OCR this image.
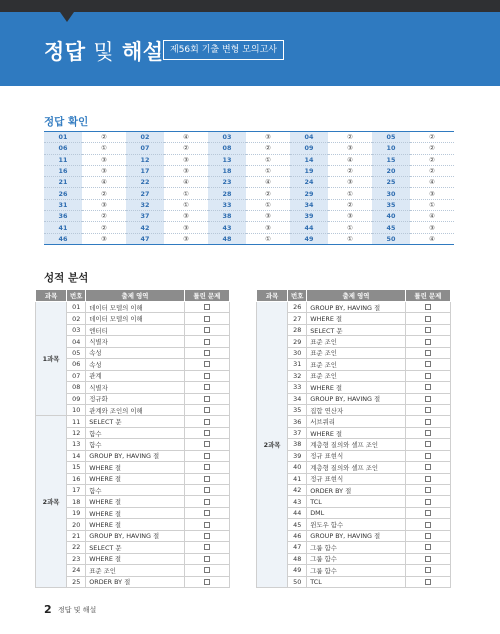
정답 및 해설 제56회 기출 변형 모의고사
정답 확인
01	②	02	④	03	③	04	②	05	②
06	①	07	②	08	②	09	③	10	②
11	③	12	③	13	①	14	④	15	②
16	③	17	③	18	①	19	②	20	②
21	④	22	④	23	④	24	③	25	④
26	②	27	①	28	②	29	①	30	③
31	③	32	①	33	①	34	②	35	①
36	②	37	③	38	③	39	③	40	④
41	②	42	③	43	③	44	①	45	③
46	③	47	③	48	①	49	①	50	④
성적 분석
과목	번호	출제 영역	틀린 문제
1과목	01	데이터 모델의 이해	
	02	데이터 모델의 이해	
	03	엔터티	
	04	식별자	
	05	속성	
	06	속성	
	07	관계	
	08	식별자	
	09	정규화	
	10	관계와 조인의 이해	
2과목	11	SELECT 문	
	12	함수	
	13	함수	
	14	GROUP BY, HAVING 절	
	15	WHERE 절	
	16	WHERE 절	
	17	함수	
	18	WHERE 절	
	19	WHERE 절	
	20	WHERE 절	
	21	GROUP BY, HAVING 절	
	22	SELECT 문	
	23	WHERE 절	
	24	표준 조인	
	25	ORDER BY 절	
과목	번호	출제 영역	틀린 문제
2과목	26	GROUP BY, HAVING 절	
	27	WHERE 절	
	28	SELECT 문	
	29	표준 조인	
	30	표준 조인	
	31	표준 조인	
	32	표준 조인	
	33	WHERE 절	
	34	GROUP BY, HAVING 절	
	35	집합 연산자	
	36	서브쿼리	
	37	WHERE 절	
	38	계층형 질의와 셀프 조인	
	39	정규 표현식	
	40	계층형 질의와 셀프 조인	
	41	정규 표현식	
	42	ORDER BY 절	
	43	TCL	
	44	DML	
	45	윈도우 함수	
	46	GROUP BY, HAVING 절	
	47	그룹 함수	
	48	그룹 함수	
	49	그룹 함수	
	50	TCL	
2 정답 및 해설
